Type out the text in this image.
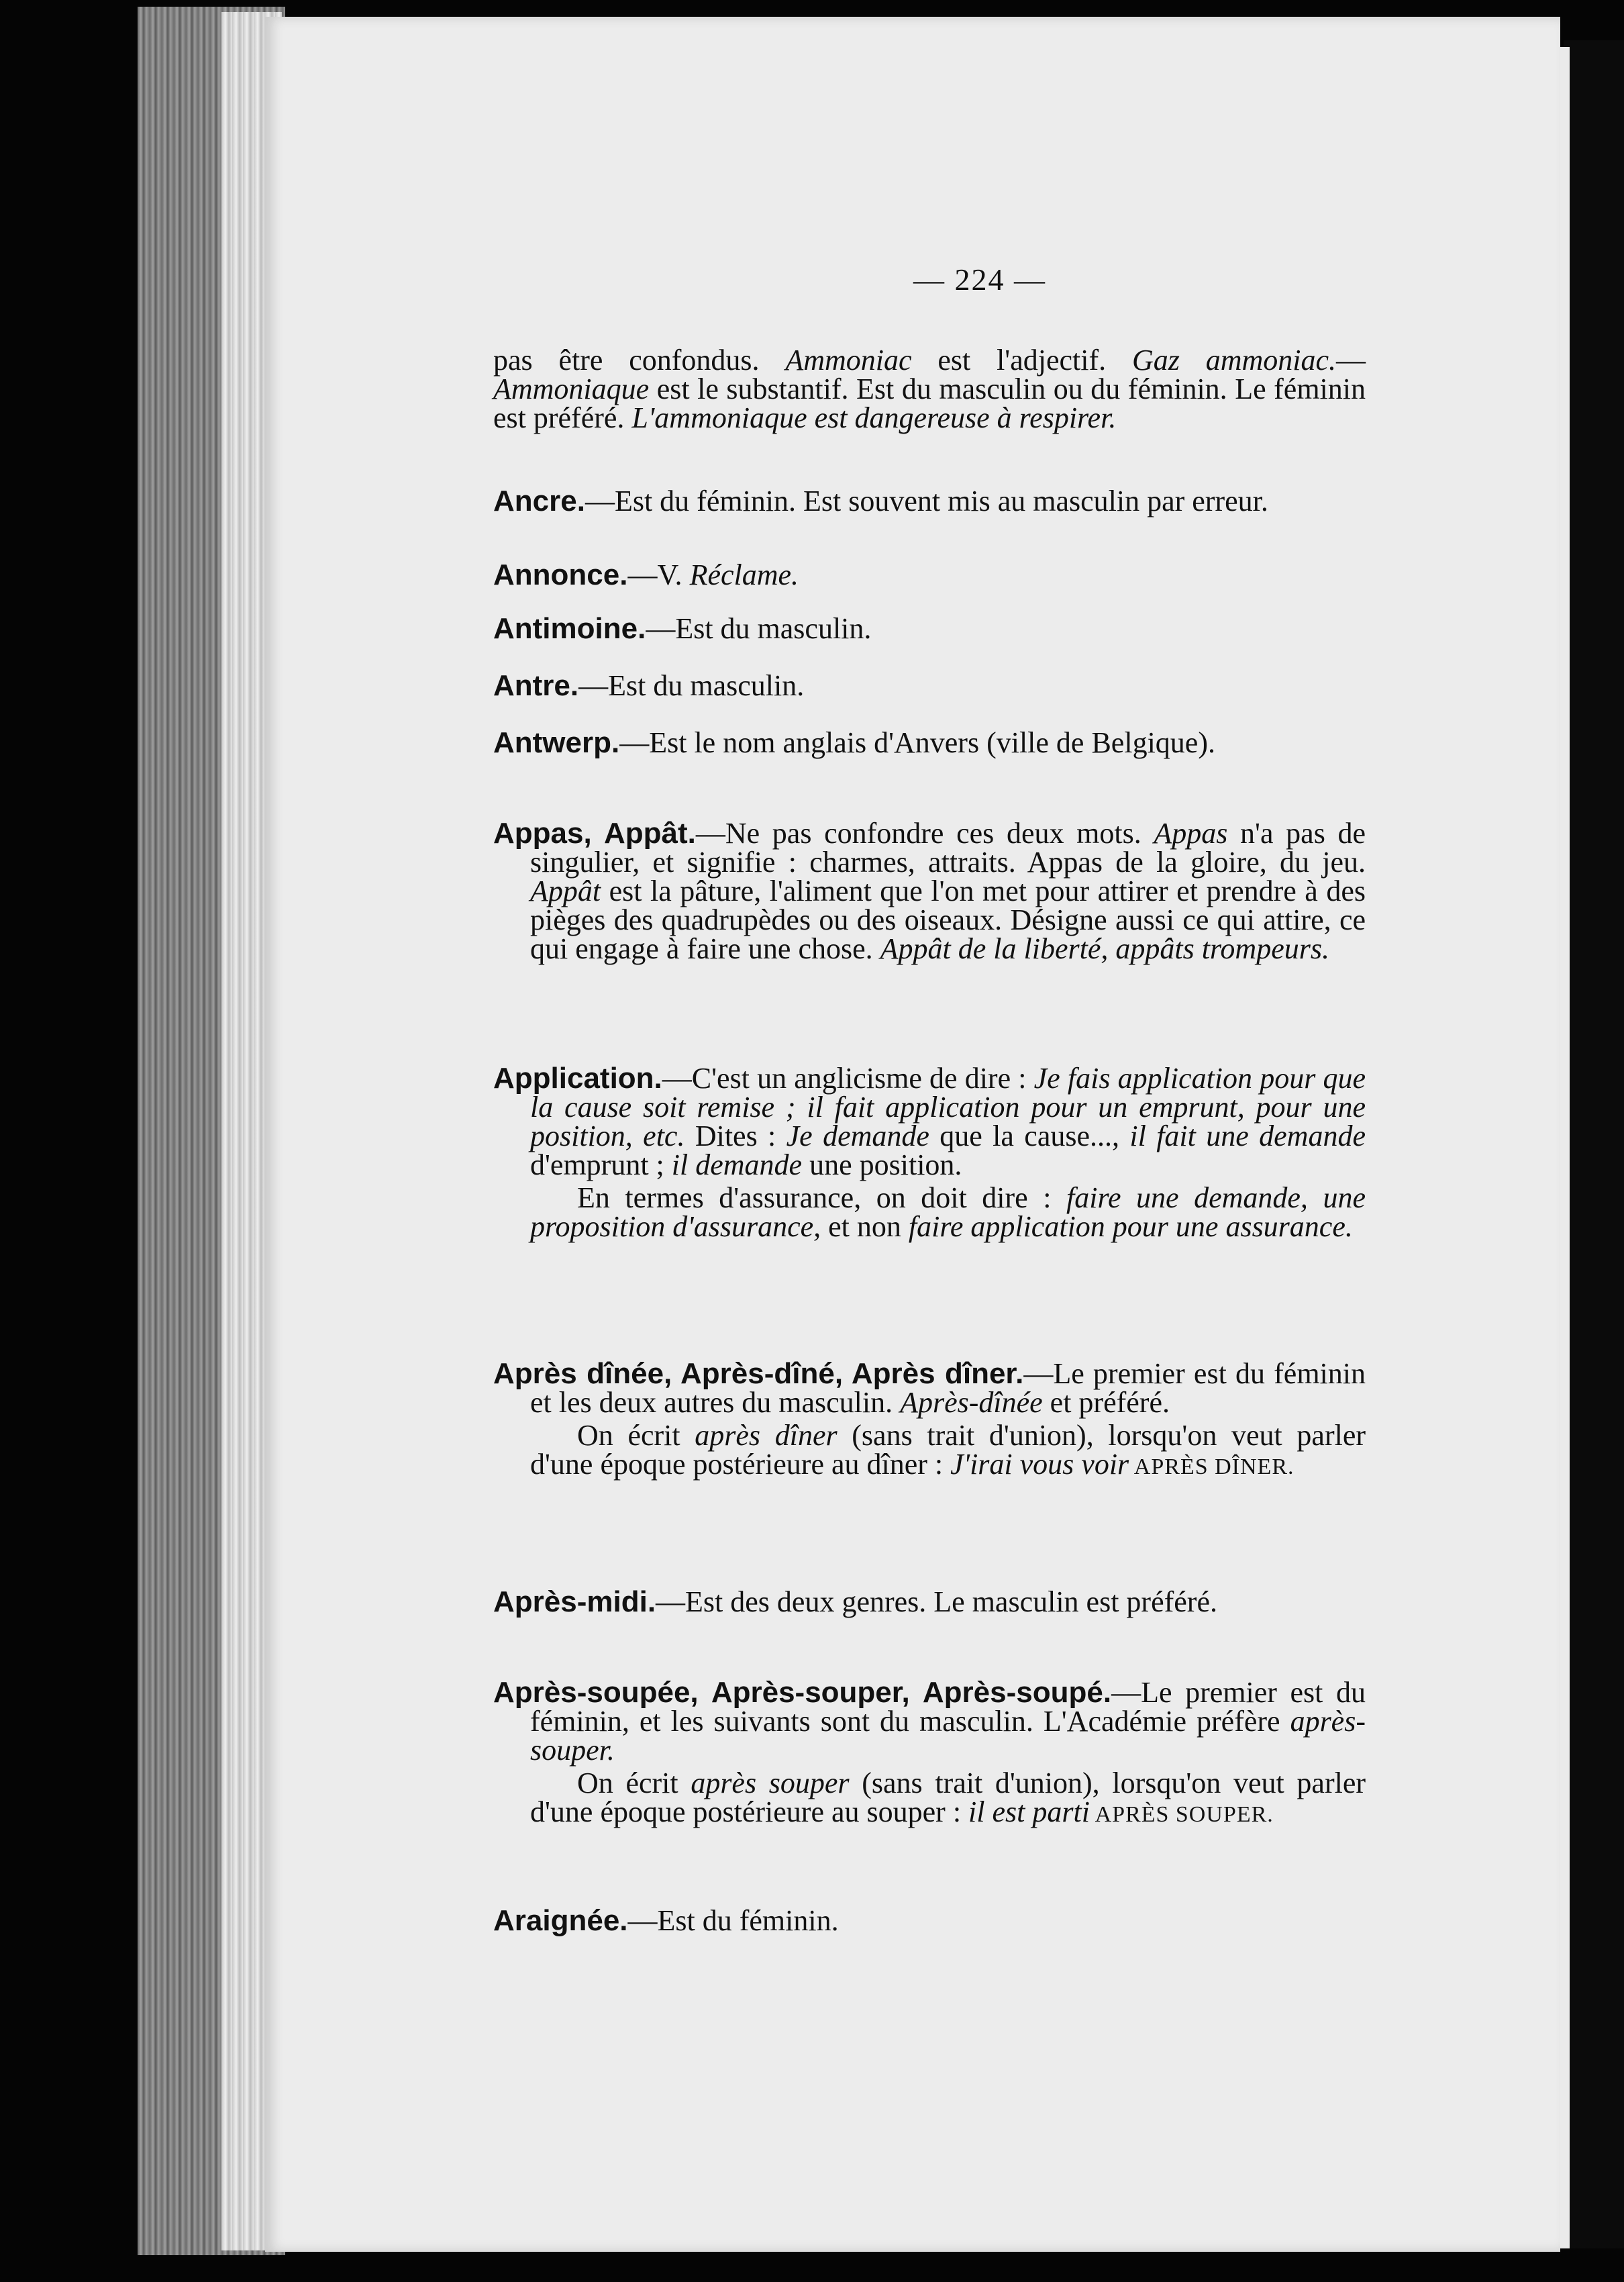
— 224 —

pas être confondus. Ammoniac est l'adjectif. Gaz ammoniac.—Ammoniaque est le substantif. Est du masculin ou du féminin. Le féminin est préféré. L'ammoniaque est dangereuse à respirer.

Ancre.—Est du féminin. Est souvent mis au masculin par erreur.

Annonce.—V. Réclame.

Antimoine.—Est du masculin.

Antre.—Est du masculin.

Antwerp.—Est le nom anglais d'Anvers (ville de Belgique).

Appas, Appât.—Ne pas confondre ces deux mots. Appas n'a pas de singulier, et signifie : charmes, attraits. Appas de la gloire, du jeu. Appât est la pâture, l'aliment que l'on met pour attirer et prendre à des pièges des quadrupèdes ou des oiseaux. Désigne aussi ce qui attire, ce qui engage à faire une chose. Appât de la liberté, appâts trompeurs.

Application.—C'est un anglicisme de dire : Je fais application pour que la cause soit remise ; il fait application pour un emprunt, pour une position, etc. Dites : Je demande que la cause..., il fait une demande d'emprunt ; il demande une position.

En termes d'assurance, on doit dire : faire une demande, une proposition d'assurance, et non faire application pour une assurance.

Après dînée, Après-dîné, Après dîner.—Le premier est du féminin et les deux autres du masculin. Après-dînée et préféré.

On écrit après dîner (sans trait d'union), lorsqu'on veut parler d'une époque postérieure au dîner : J'irai vous voir APRÈS DÎNER.

Après-midi.—Est des deux genres. Le masculin est préféré.

Après-soupée, Après-souper, Après-soupé.—Le premier est du féminin, et les suivants sont du masculin. L'Académie préfère après-souper.

On écrit après souper (sans trait d'union), lorsqu'on veut parler d'une époque postérieure au souper : il est parti APRÈS SOUPER.

Araignée.—Est du féminin.
